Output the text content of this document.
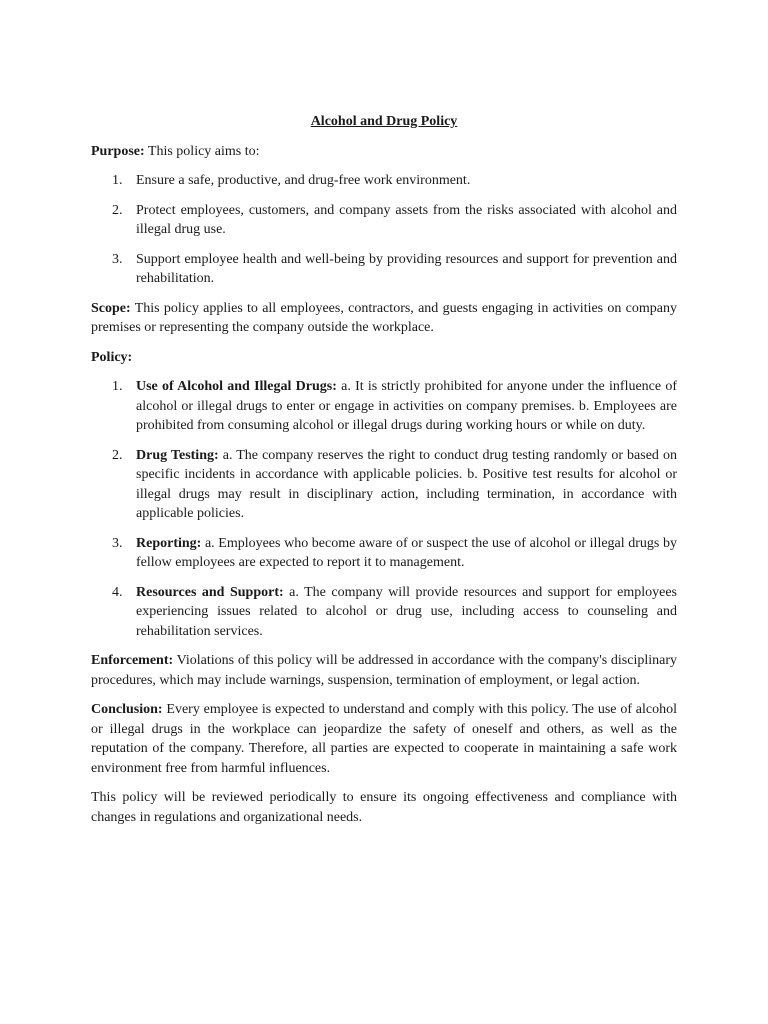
Alcohol and Drug Policy

Purpose: This policy aims to:

1. Ensure a safe, productive, and drug-free work environment.
2. Protect employees, customers, and company assets from the risks associated with alcohol and illegal drug use.
3. Support employee health and well-being by providing resources and support for prevention and rehabilitation.

Scope: This policy applies to all employees, contractors, and guests engaging in activities on company premises or representing the company outside the workplace.

Policy:

1. Use of Alcohol and Illegal Drugs: a. It is strictly prohibited for anyone under the influence of alcohol or illegal drugs to enter or engage in activities on company premises. b. Employees are prohibited from consuming alcohol or illegal drugs during working hours or while on duty.
2. Drug Testing: a. The company reserves the right to conduct drug testing randomly or based on specific incidents in accordance with applicable policies. b. Positive test results for alcohol or illegal drugs may result in disciplinary action, including termination, in accordance with applicable policies.
3. Reporting: a. Employees who become aware of or suspect the use of alcohol or illegal drugs by fellow employees are expected to report it to management.
4. Resources and Support: a. The company will provide resources and support for employees experiencing issues related to alcohol or drug use, including access to counseling and rehabilitation services.

Enforcement: Violations of this policy will be addressed in accordance with the company's disciplinary procedures, which may include warnings, suspension, termination of employment, or legal action.

Conclusion: Every employee is expected to understand and comply with this policy. The use of alcohol or illegal drugs in the workplace can jeopardize the safety of oneself and others, as well as the reputation of the company. Therefore, all parties are expected to cooperate in maintaining a safe work environment free from harmful influences.

This policy will be reviewed periodically to ensure its ongoing effectiveness and compliance with changes in regulations and organizational needs.
